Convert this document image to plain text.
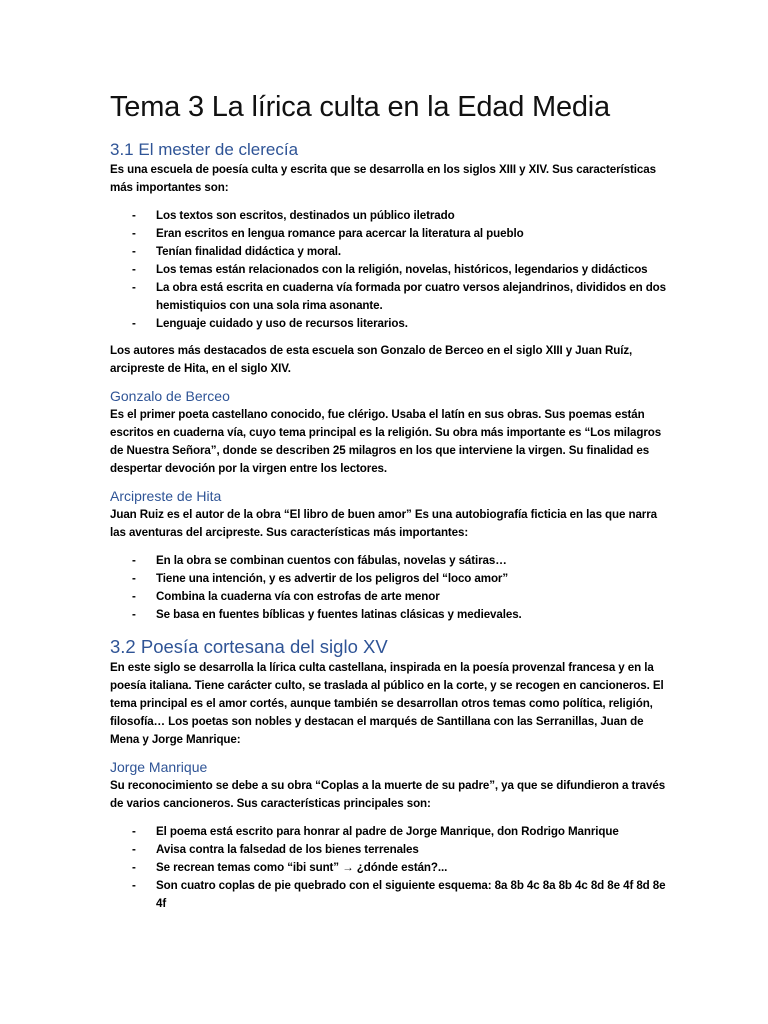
Tema 3 La lírica culta en la Edad Media
3.1 El mester de clerecía

Es una escuela de poesía culta y escrita que se desarrolla en los siglos XIII y XIV. Sus características más importantes son:

- Los textos son escritos, destinados un público iletrado
- Eran escritos en lengua romance para acercar la literatura al pueblo
- Tenían finalidad didáctica y moral.
- Los temas están relacionados con la religión, novelas, históricos, legendarios y didácticos
- La obra está escrita en cuaderna vía formada por cuatro versos alejandrinos, divididos en dos hemistiquios con una sola rima asonante.
- Lenguaje cuidado y uso de recursos literarios.

Los autores más destacados de esta escuela son Gonzalo de Berceo en el siglo XIII y Juan Ruíz, arcipreste de Hita, en el siglo XIV.

Gonzalo de Berceo

Es el primer poeta castellano conocido, fue clérigo. Usaba el latín en sus obras. Sus poemas están escritos en cuaderna vía, cuyo tema principal es la religión. Su obra más importante es “Los milagros de Nuestra Señora”, donde se describen 25 milagros en los que interviene la virgen. Su finalidad es despertar devoción por la virgen entre los lectores.

Arcipreste de Hita

Juan Ruiz es el autor de la obra “El libro de buen amor” Es una autobiografía ficticia en las que narra las aventuras del arcipreste. Sus características más importantes:

- En la obra se combinan cuentos con fábulas, novelas y sátiras…
- Tiene una intención, y es advertir de los peligros del “loco amor”
- Combina la cuaderna vía con estrofas de arte menor
- Se basa en fuentes bíblicas y fuentes latinas clásicas y medievales.
3.2 Poesía cortesana del siglo XV

En este siglo se desarrolla la lírica culta castellana, inspirada en la poesía provenzal francesa y en la poesía italiana. Tiene carácter culto, se traslada al público en la corte, y se recogen en cancioneros. El tema principal es el amor cortés, aunque también se desarrollan otros temas como política, religión, filosofía… Los poetas son nobles y destacan el marqués de Santillana con las Serranillas, Juan de Mena y Jorge Manrique:

Jorge Manrique

Su reconocimiento se debe a su obra “Coplas a la muerte de su padre”, ya que se difundieron a través de varios cancioneros. Sus características principales son:

- El poema está escrito para honrar al padre de Jorge Manrique, don Rodrigo Manrique
- Avisa contra la falsedad de los bienes terrenales
- Se recrean temas como “ibi sunt” → ¿dónde están?...
- Son cuatro coplas de pie quebrado con el siguiente esquema: 8a 8b 4c 8a 8b 4c 8d 8e 4f 8d 8e 4f
